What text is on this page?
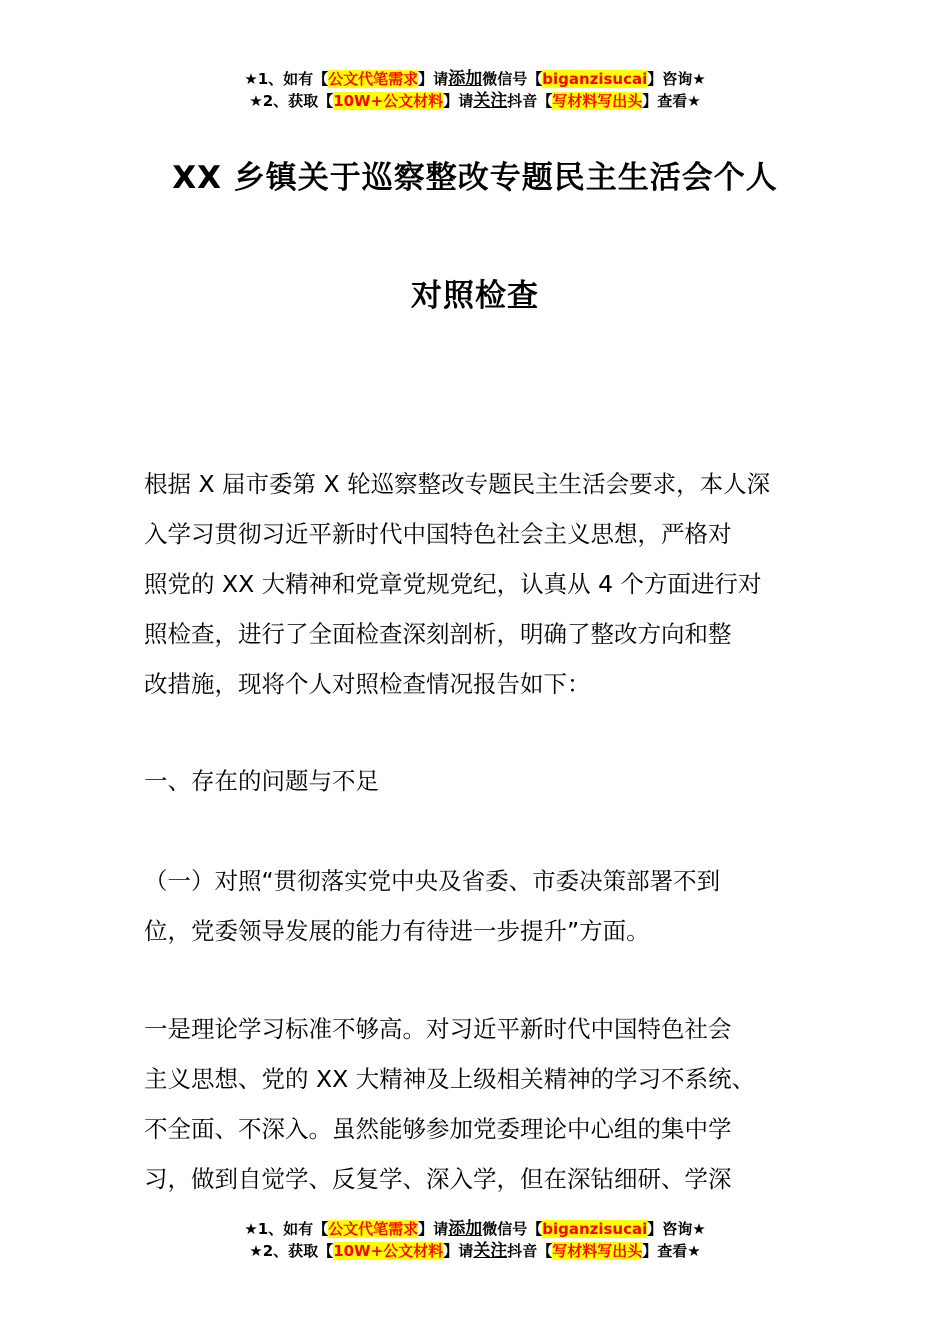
★1、如有【公文代笔需求】请添加微信号【biganzisucai】咨询★
★2、获取【10W+公文材料】请关注抖音【写材料写出头】查看★
XX 乡镇关于巡察整改专题民主生活会个人
对照检查
根据 X 届市委第 X 轮巡察整改专题民主生活会要求，本人深
入学习贯彻习近平新时代中国特色社会主义思想，严格对
照党的 XX 大精神和党章党规党纪，认真从 4 个方面进行对
照检查，进行了全面检查深刻剖析，明确了整改方向和整
改措施，现将个人对照检查情况报告如下：
一、存在的问题与不足
（一）对照“贯彻落实党中央及省委、市委决策部署不到
位，党委领导发展的能力有待进一步提升”方面。
一是理论学习标准不够高。对习近平新时代中国特色社会
主义思想、党的 XX 大精神及上级相关精神的学习不系统、
不全面、不深入。虽然能够参加党委理论中心组的集中学
习，做到自觉学、反复学、深入学，但在深钻细研、学深
★1、如有【公文代笔需求】请添加微信号【biganzisucai】咨询★
★2、获取【10W+公文材料】请关注抖音【写材料写出头】查看★
